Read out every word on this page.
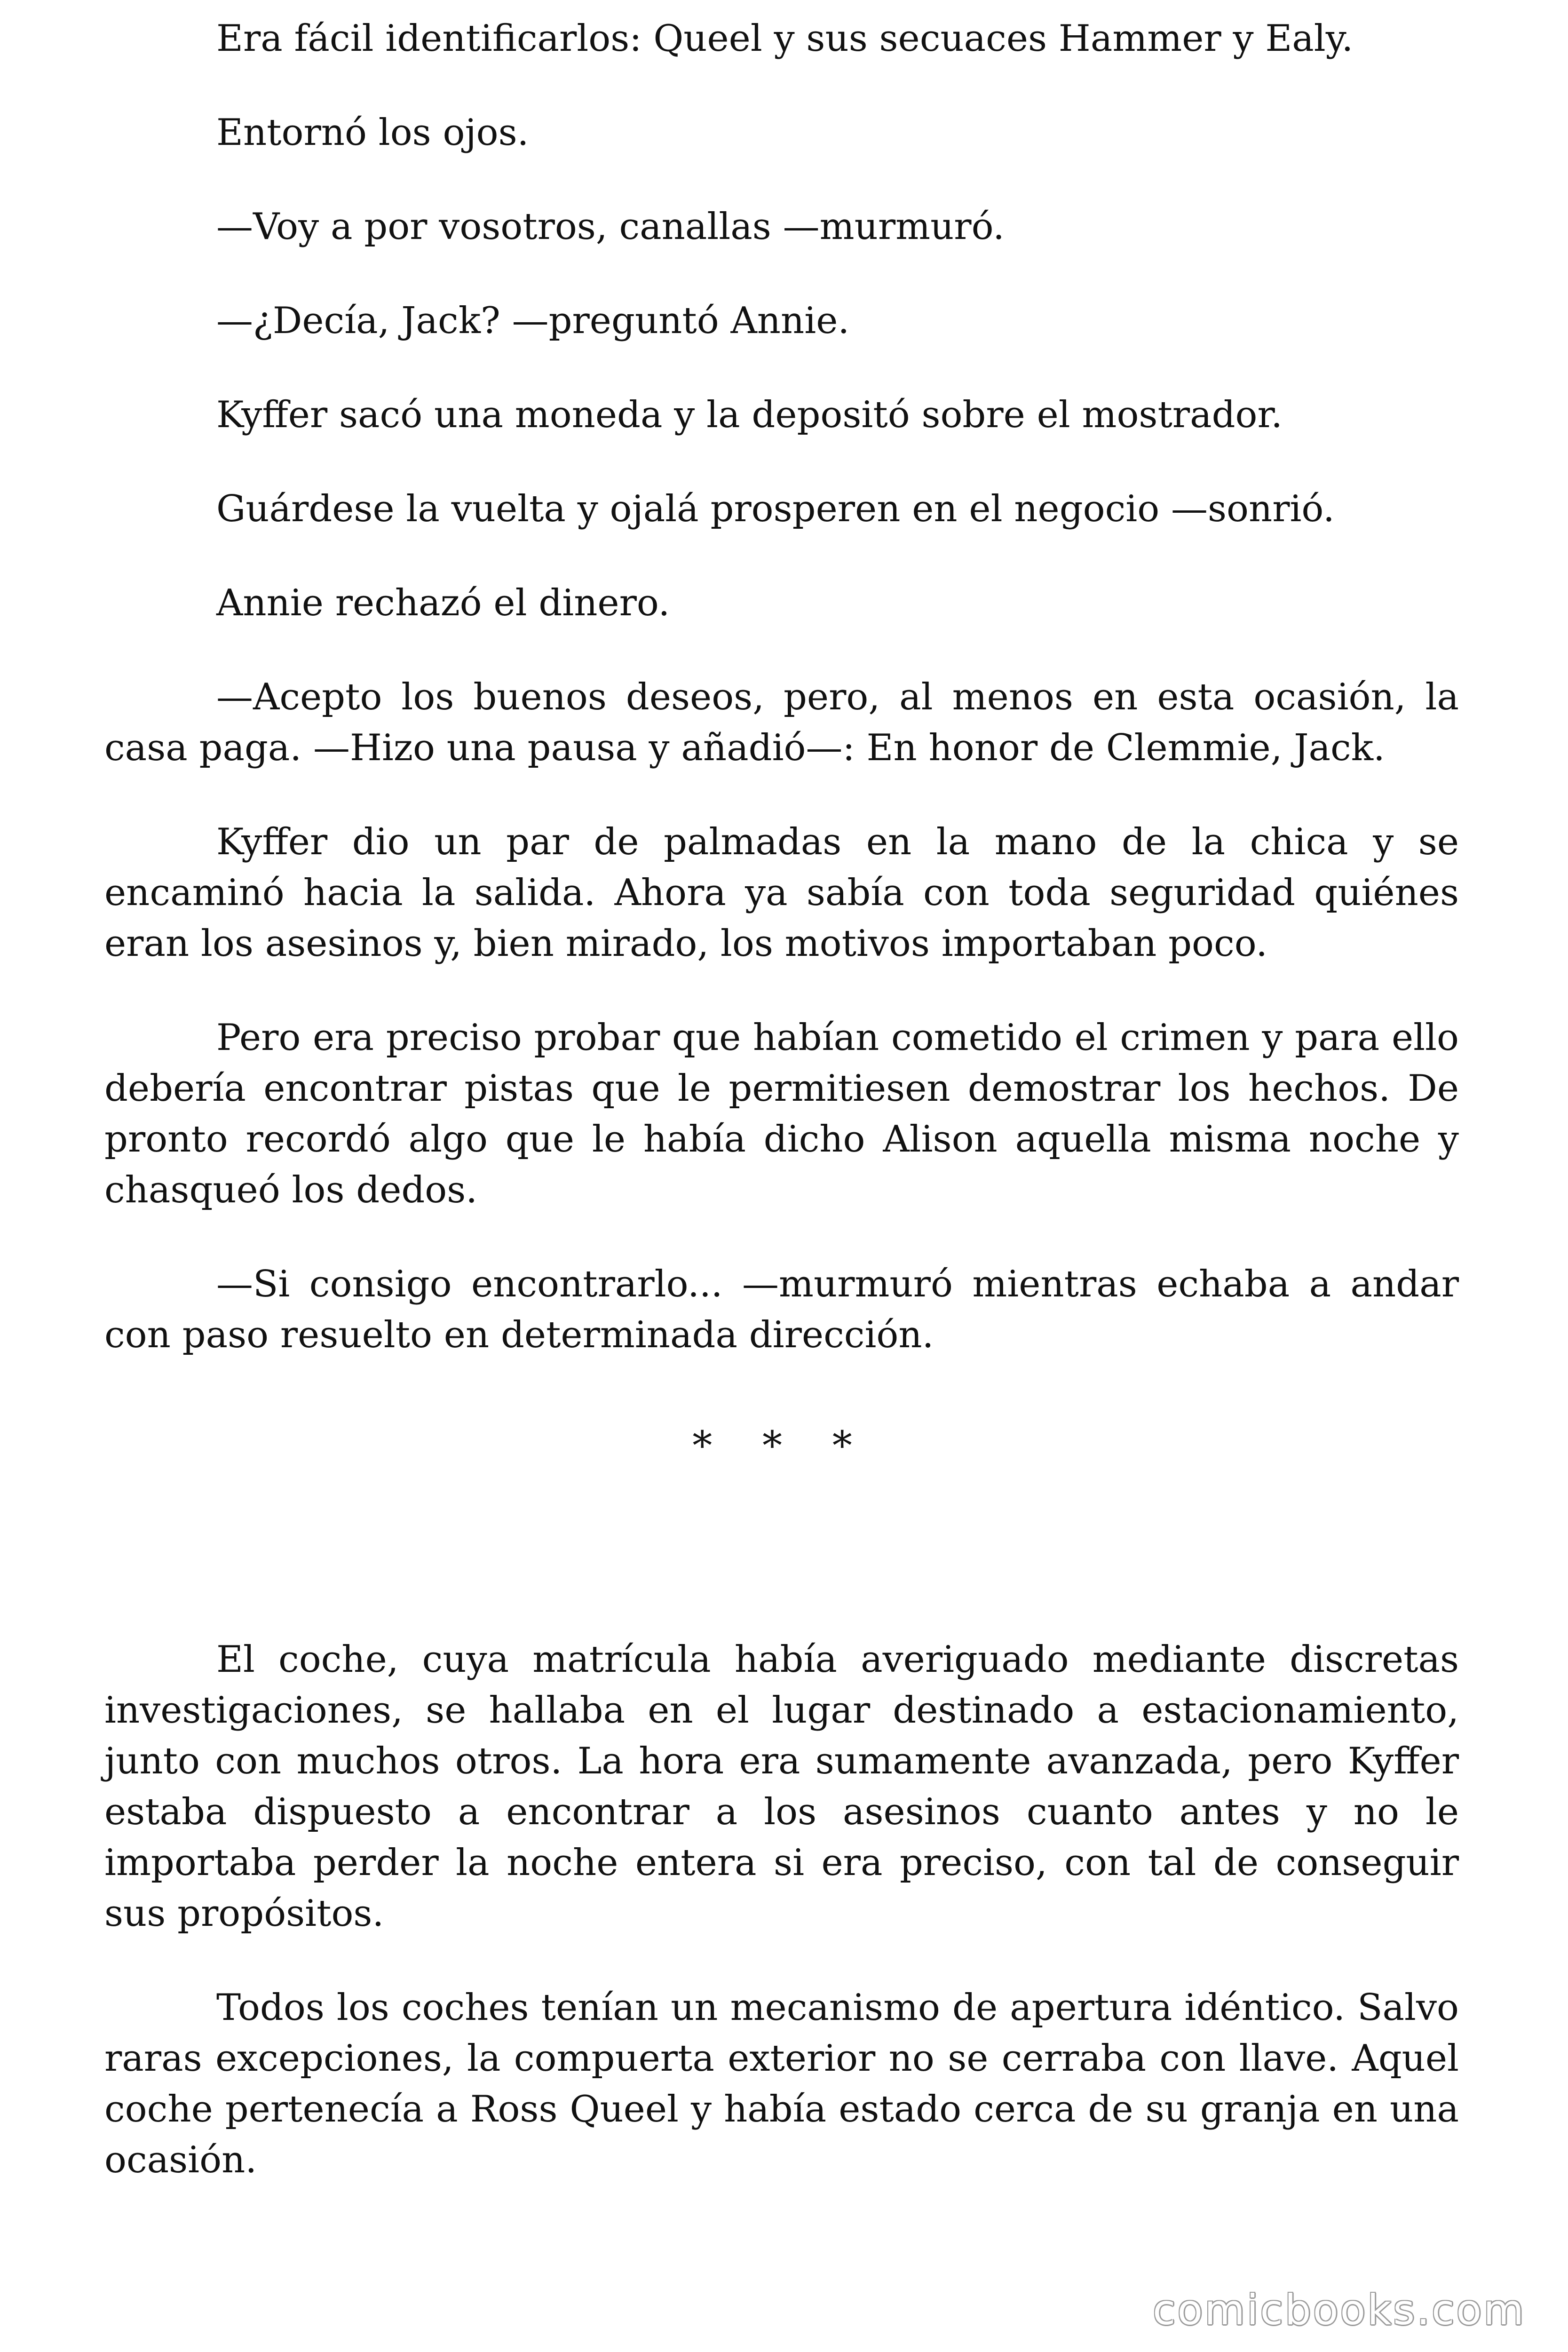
Era fácil identificarlos: Queel y sus secuaces Hammer y Ealy.

Entornó los ojos.

—Voy a por vosotros, canallas —murmuró.

—¿Decía, Jack? —preguntó Annie.

Kyffer sacó una moneda y la depositó sobre el mostrador.

Guárdese la vuelta y ojalá prosperen en el negocio —sonrió.

Annie rechazó el dinero.

—Acepto los buenos deseos, pero, al menos en esta ocasión, la casa paga. —Hizo una pausa y añadió—: En honor de Clemmie, Jack.

Kyffer dio un par de palmadas en la mano de la chica y se encaminó hacia la salida. Ahora ya sabía con toda seguridad quiénes eran los asesinos y, bien mirado, los motivos importaban poco.

Pero era preciso probar que habían cometido el crimen y para ello debería encontrar pistas que le permitiesen demostrar los hechos. De pronto recordó algo que le había dicho Alison aquella misma noche y chasqueó los dedos.

—Si consigo encontrarlo... —murmuró mientras echaba a andar con paso resuelto en determinada dirección.

* * *

El coche, cuya matrícula había averiguado mediante discretas investigaciones, se hallaba en el lugar destinado a estacionamiento, junto con muchos otros. La hora era sumamente avanzada, pero Kyffer estaba dispuesto a encontrar a los asesinos cuanto antes y no le importaba perder la noche entera si era preciso, con tal de conseguir sus propósitos.

Todos los coches tenían un mecanismo de apertura idéntico. Salvo raras excepciones, la compuerta exterior no se cerraba con llave. Aquel coche pertenecía a Ross Queel y había estado cerca de su granja en una ocasión.

comicbooks.com
